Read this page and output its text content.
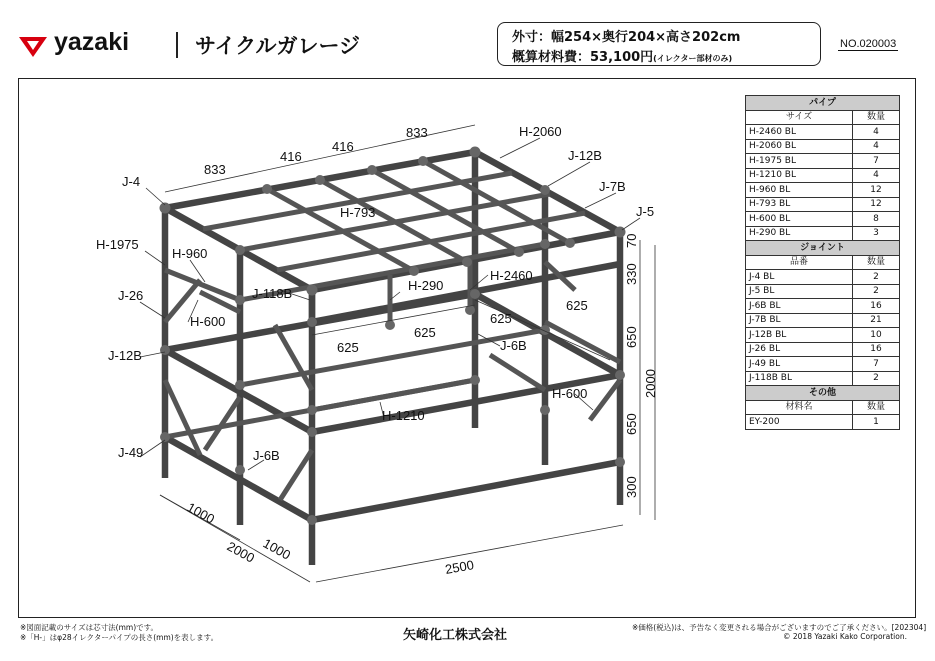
yazaki	サイクルガレージ	外寸：幅254×奥行204×高さ202cm
概算材料費：53,100円(イレクター部材のみ)
NO.020003
J-4
H-2060
J-12B
J-7B
J-5
H-793
H-1975
H-960
J-26
H-600
J-118B
H-290
H-2460
J-12B
J-6B
H-1210
H-600
J-49	J-6B
833
416
416
833
625
625
625
625
70
330
650
650
300
2000
1000
1000
2000
2500
パイプ	
サイズ	数量
H-2460 BL	4
H-2060 BL	4
H-1975 BL	7
H-1210 BL	4
H-960 BL	12
H-793 BL	12
H-600 BL	8
H-290 BL	3
ジョイント	
品番	数量
J-4 BL	2
J-5 BL	2
J-6B BL	16
J-7B BL	21
J-12B BL	10
J-26 BL	16
J-49 BL	7
J-118B BL	2
その他	
材料名	数量
EY-200	1
※図面記載のサイズは芯寸法(mm)です。
※「H-」はφ28イレクターパイプの長さ(mm)を表します。	矢崎化工株式会社
※価格(税込)は、予告なく変更される場合がございますのでご了承ください。[202304]
© 2018 Yazaki Kako Corporation.
